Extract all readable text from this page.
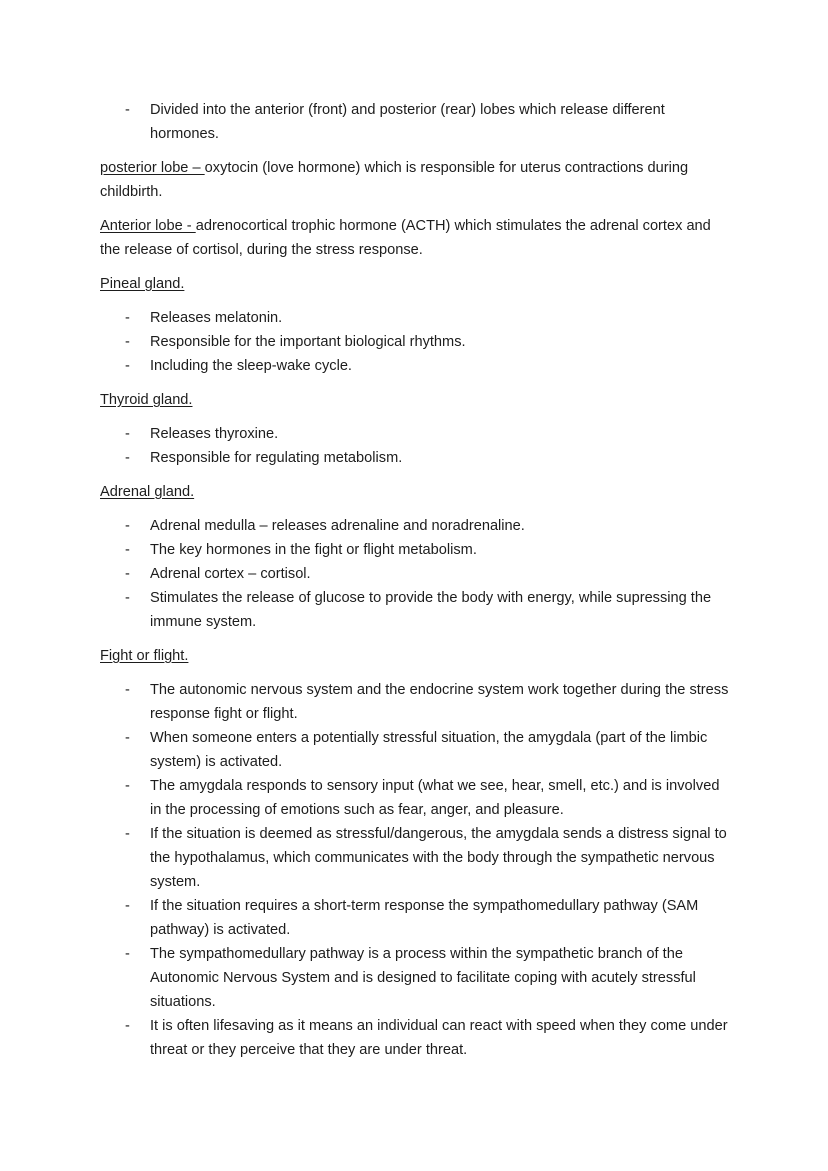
- Divided into the anterior (front) and posterior (rear) lobes which release different hormones.

posterior lobe – oxytocin (love hormone) which is responsible for uterus contractions during childbirth.

Anterior lobe - adrenocortical trophic hormone (ACTH) which stimulates the adrenal cortex and the release of cortisol, during the stress response.

Pineal gland.

- Releases melatonin.
- Responsible for the important biological rhythms.
- Including the sleep-wake cycle.

Thyroid gland.

- Releases thyroxine.
- Responsible for regulating metabolism.

Adrenal gland.

- Adrenal medulla – releases adrenaline and noradrenaline.
- The key hormones in the fight or flight metabolism.
- Adrenal cortex – cortisol.
- Stimulates the release of glucose to provide the body with energy, while supressing the immune system.

Fight or flight.

- The autonomic nervous system and the endocrine system work together during the stress response fight or flight.
- When someone enters a potentially stressful situation, the amygdala (part of the limbic system) is activated.
- The amygdala responds to sensory input (what we see, hear, smell, etc.) and is involved in the processing of emotions such as fear, anger, and pleasure.
- If the situation is deemed as stressful/dangerous, the amygdala sends a distress signal to the hypothalamus, which communicates with the body through the sympathetic nervous system.
- If the situation requires a short-term response the sympathomedullary pathway (SAM pathway) is activated.
- The sympathomedullary pathway is a process within the sympathetic branch of the Autonomic Nervous System and is designed to facilitate coping with acutely stressful situations.
- It is often lifesaving as it means an individual can react with speed when they come under threat or they perceive that they are under threat.
